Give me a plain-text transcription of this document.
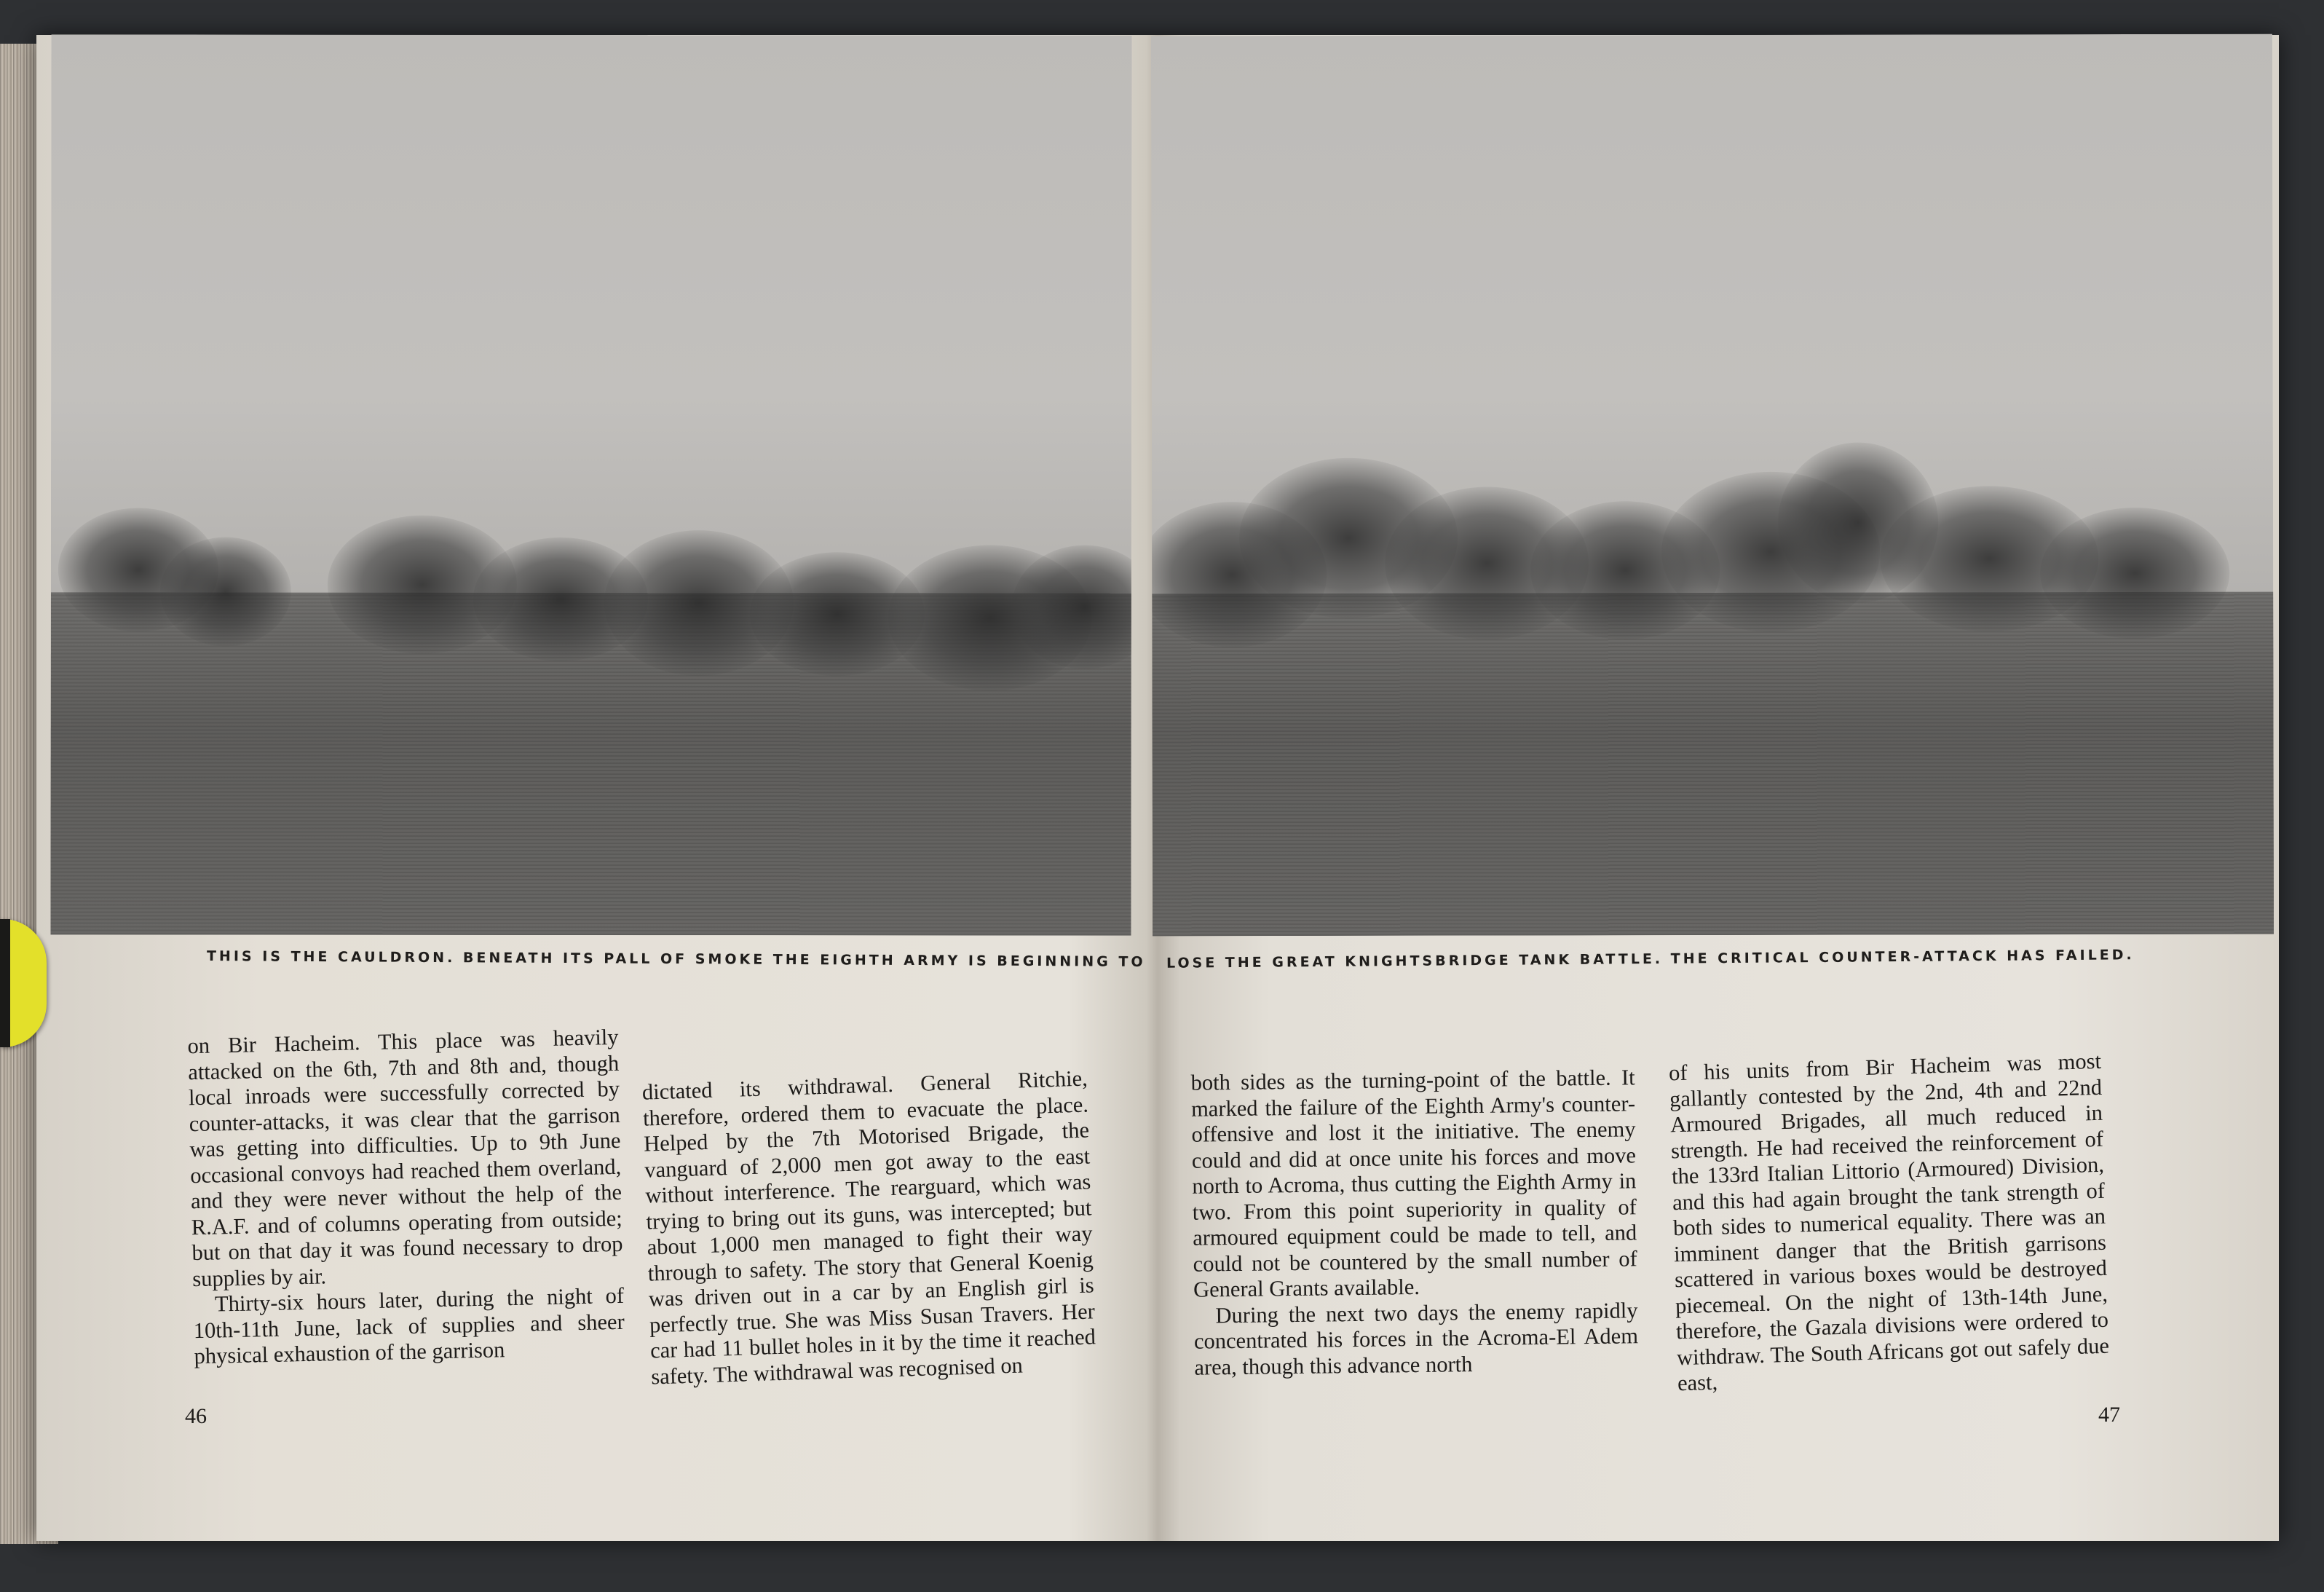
THIS IS THE CAULDRON. BENEATH ITS PALL OF SMOKE THE EIGHTH ARMY IS BEGINNING TO LOSE THE GREAT KNIGHTSBRIDGE TANK BATTLE. THE CRITICAL COUNTER-ATTACK HAS FAILED.

on Bir Hacheim. This place was heavily attacked on the 6th, 7th and 8th and, though local inroads were successfully corrected by counter-attacks, it was clear that the garrison was getting into difficulties. Up to 9th June occasional convoys had reached them overland, and they were never without the help of the R.A.F. and of columns operating from outside; but on that day it was found necessary to drop supplies by air.

Thirty-six hours later, during the night of 10th-11th June, lack of supplies and sheer physical exhaustion of the garrison

dictated its withdrawal. General Ritchie, therefore, ordered them to evacuate the place. Helped by the 7th Motorised Brigade, the vanguard of 2,000 men got away to the east without interference. The rearguard, which was trying to bring out its guns, was intercepted; but about 1,000 men managed to fight their way through to safety. The story that General Koenig was driven out in a car by an English girl is perfectly true. She was Miss Susan Travers. Her car had 11 bullet holes in it by the time it reached safety. The withdrawal was recognised on

both sides as the turning-point of the battle. It marked the failure of the Eighth Army's counter-offensive and lost it the initiative. The enemy could and did at once unite his forces and move north to Acroma, thus cutting the Eighth Army in two. From this point superiority in quality of armoured equipment could be made to tell, and could not be countered by the small number of General Grants available.

During the next two days the enemy rapidly concentrated his forces in the Acroma-El Adem area, though this advance north

of his units from Bir Hacheim was most gallantly contested by the 2nd, 4th and 22nd Armoured Brigades, all much reduced in strength. He had received the reinforcement of the 133rd Italian Littorio (Armoured) Division, and this had again brought the tank strength of both sides to numerical equality. There was an imminent danger that the British garrisons scattered in various boxes would be destroyed piecemeal. On the night of 13th-14th June, therefore, the Gazala divisions were ordered to withdraw. The South Africans got out safely due east,

46	47
